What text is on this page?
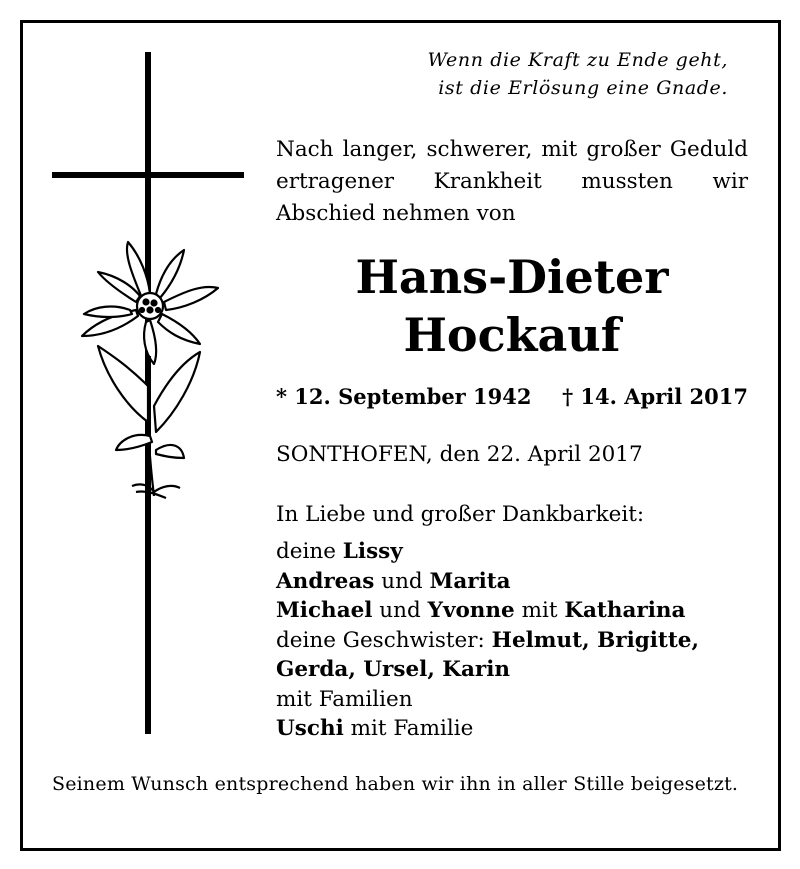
Wenn die Kraft zu Ende geht,
ist die Erlösung eine Gnade.
Nach langer, schwerer, mit großer Geduld ertragener Krankheit mussten wir Abschied nehmen von
Hans-Dieter
Hockauf
* 12. September 1942 † 14. April 2017
SONTHOFEN, den 22. April 2017
In Liebe und großer Dankbarkeit:
deine Lissy
Andreas und Marita
Michael und Yvonne mit Katharina
deine Geschwister: Helmut, Brigitte,
Gerda, Ursel, Karin
mit Familien
Uschi mit Familie
Seinem Wunsch entsprechend haben wir ihn in aller Stille beigesetzt.
